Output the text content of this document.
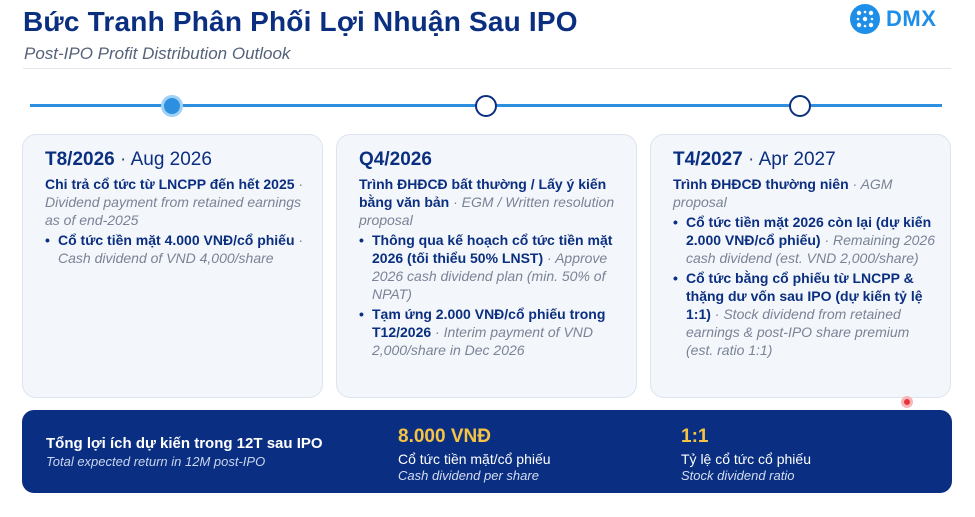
Bức Tranh Phân Phối Lợi Nhuận Sau IPO
Post-IPO Profit Distribution Outlook
DMX
T8/2026 · Aug 2026
Chi trả cổ tức từ LNCPP đến hết 2025 · Dividend payment from retained earnings as of end-2025
• Cổ tức tiền mặt 4.000 VNĐ/cổ phiếu · Cash dividend of VND 4,000/share
Q4/2026
Trình ĐHĐCĐ bất thường / Lấy ý kiến bằng văn bản · EGM / Written resolution proposal
• Thông qua kế hoạch cổ tức tiền mặt 2026 (tối thiểu 50% LNST) · Approve 2026 cash dividend plan (min. 50% of NPAT)
• Tạm ứng 2.000 VNĐ/cổ phiếu trong T12/2026 · Interim payment of VND 2,000/share in Dec 2026
T4/2027 · Apr 2027
Trình ĐHĐCĐ thường niên · AGM proposal
• Cổ tức tiền mặt 2026 còn lại (dự kiến 2.000 VNĐ/cổ phiếu) · Remaining 2026 cash dividend (est. VND 2,000/share)
• Cổ tức bằng cổ phiếu từ LNCPP & thặng dư vốn sau IPO (dự kiến tỷ lệ 1:1) · Stock dividend from retained earnings & post-IPO share premium (est. ratio 1:1)
Tổng lợi ích dự kiến trong 12T sau IPO
Total expected return in 12M post-IPO
8.000 VNĐ
Cổ tức tiền mặt/cổ phiếu
Cash dividend per share
1:1
Tỷ lệ cổ tức cổ phiếu
Stock dividend ratio
